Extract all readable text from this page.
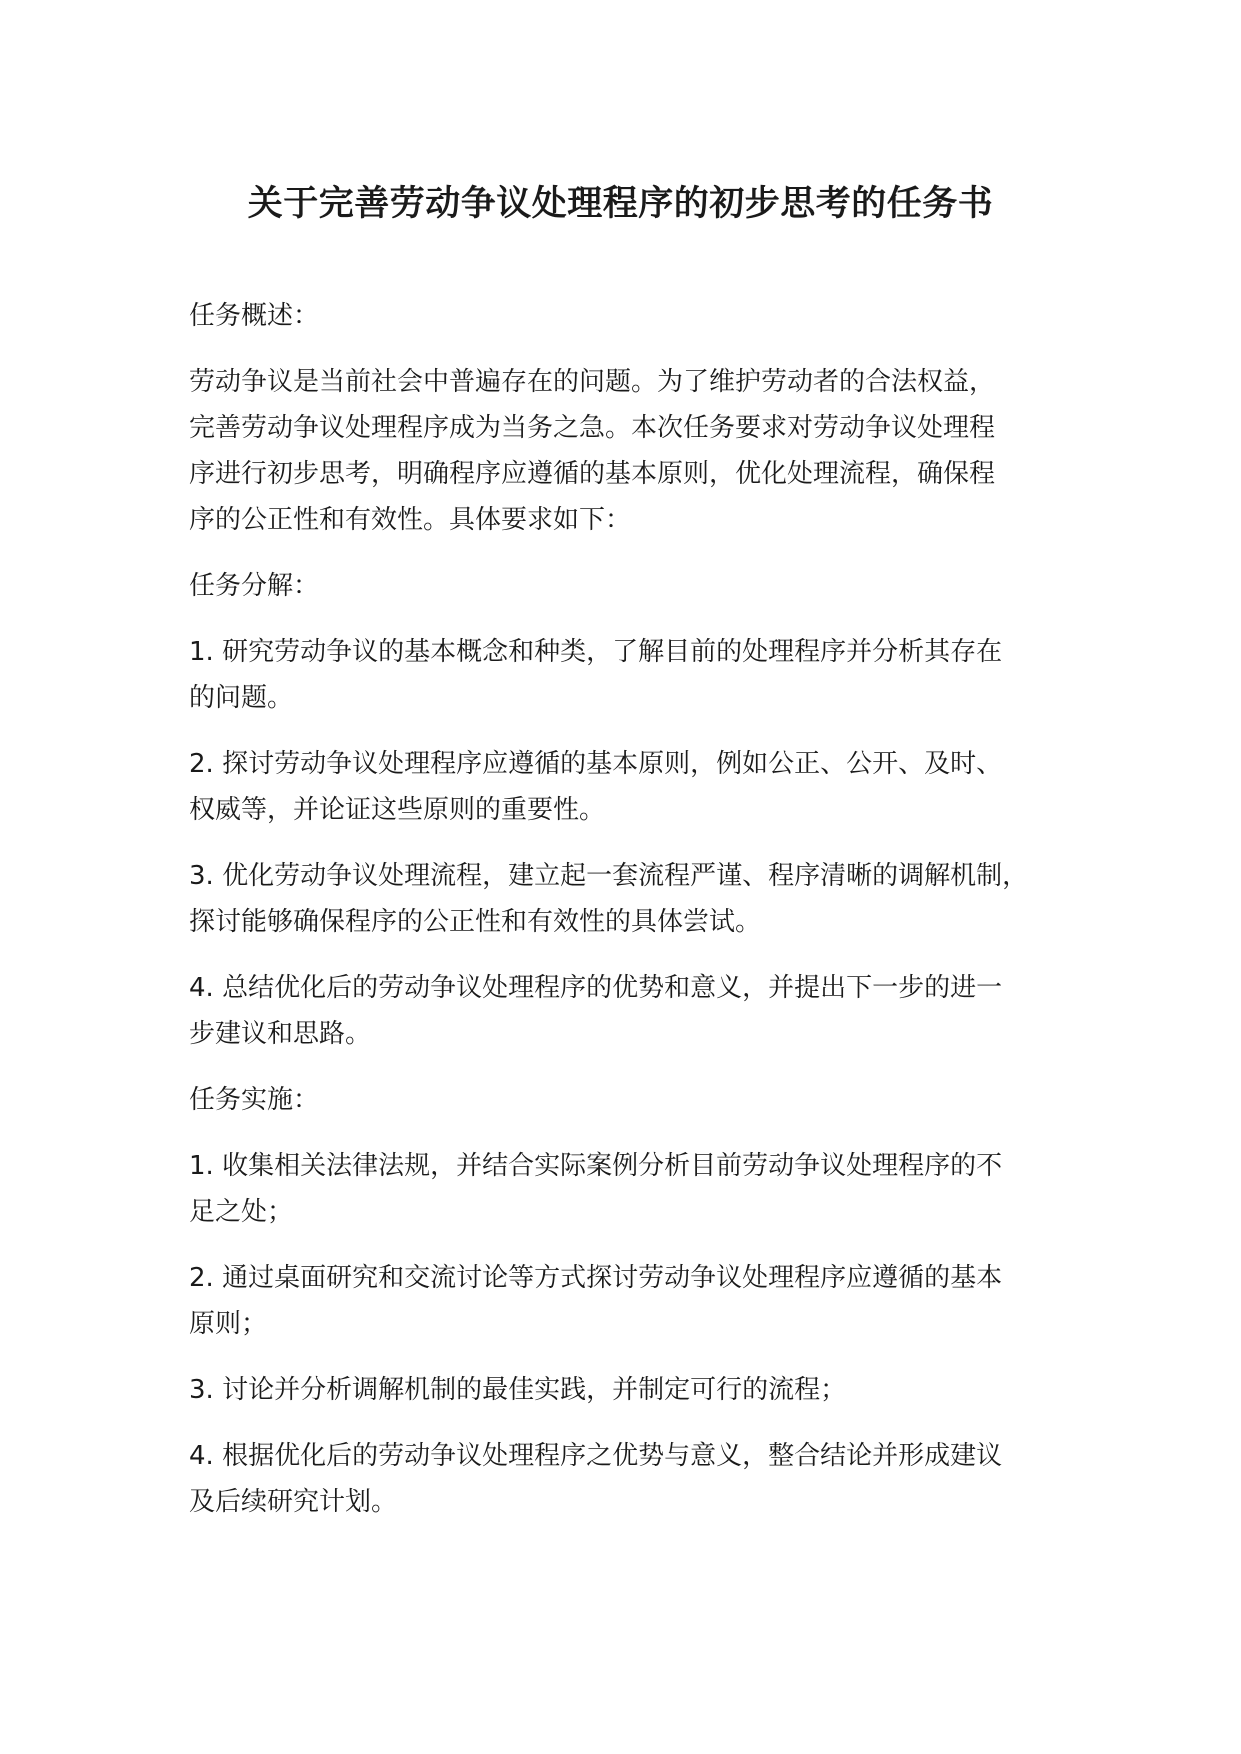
关于完善劳动争议处理程序的初步思考的任务书

任务概述：

劳动争议是当前社会中普遍存在的问题。为了维护劳动者的合法权益，
完善劳动争议处理程序成为当务之急。本次任务要求对劳动争议处理程
序进行初步思考，明确程序应遵循的基本原则，优化处理流程，确保程
序的公正性和有效性。具体要求如下：

任务分解：

1. 研究劳动争议的基本概念和种类，了解目前的处理程序并分析其存在
的问题。

2. 探讨劳动争议处理程序应遵循的基本原则，例如公正、公开、及时、
权威等，并论证这些原则的重要性。

3. 优化劳动争议处理流程，建立起一套流程严谨、程序清晰的调解机制，
探讨能够确保程序的公正性和有效性的具体尝试。

4. 总结优化后的劳动争议处理程序的优势和意义，并提出下一步的进一
步建议和思路。

任务实施：

1. 收集相关法律法规，并结合实际案例分析目前劳动争议处理程序的不
足之处；

2. 通过桌面研究和交流讨论等方式探讨劳动争议处理程序应遵循的基本
原则；

3. 讨论并分析调解机制的最佳实践，并制定可行的流程；

4. 根据优化后的劳动争议处理程序之优势与意义，整合结论并形成建议
及后续研究计划。
